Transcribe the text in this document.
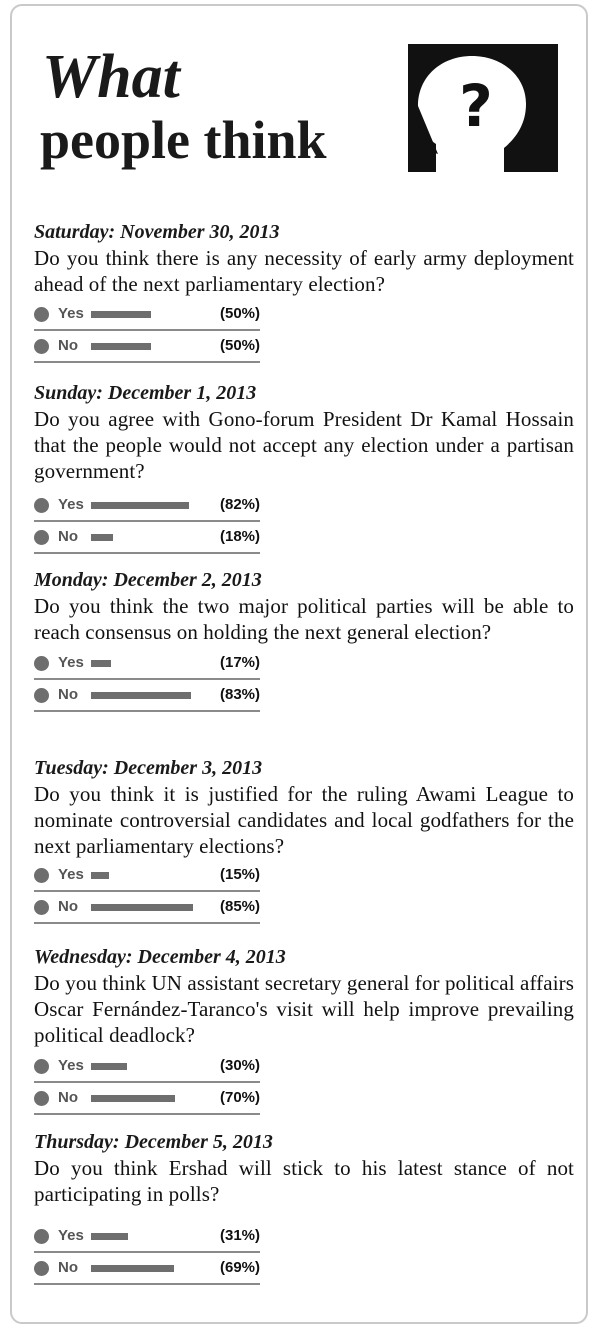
What
people think ?
Saturday: November 30, 2013
Do you think there is any necessity of early army deployment ahead of the next parliamentary election?
Yes	(50%)
No	(50%)
Sunday: December 1, 2013
Do you agree with Gono-forum President Dr Kamal Hossain that the people would not accept any election under a partisan government?
Yes	(82%)
No	(18%)
Monday: December 2, 2013
Do you think the two major political parties will be able to reach consensus on holding the next general election?
Yes	(17%)
No	(83%)
Tuesday: December 3, 2013
Do you think it is justified for the ruling Awami League to nominate controversial candidates and local godfathers for the next parliamentary elections?
Yes	(15%)
No	(85%)
Wednesday: December 4, 2013
Do you think UN assistant secretary general for political affairs Oscar Fernández-Taranco's visit will help improve prevailing political deadlock?
Yes	(30%)
No	(70%)
Thursday: December 5, 2013
Do you think Ershad will stick to his latest stance of not participating in polls?
Yes	(31%)
No	(69%)
